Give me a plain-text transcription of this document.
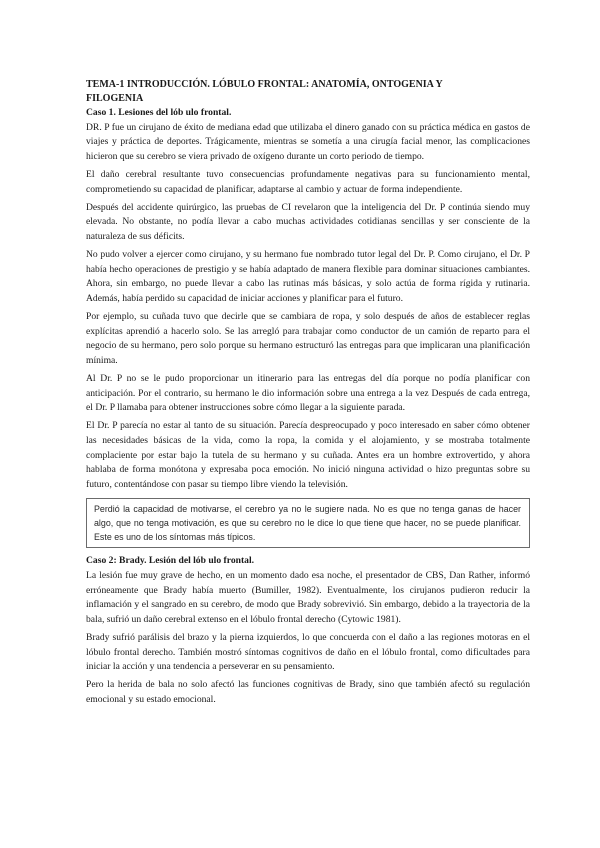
TEMA-1 INTRODUCCIÓN. LÓBULO FRONTAL: ANATOMÍA, ONTOGENIA Y
FILOGENIA

Caso 1. Lesiones del lób ulo frontal.

DR. P fue un cirujano de éxito de mediana edad que utilizaba el dinero ganado con su práctica médica en gastos de viajes y práctica de deportes. Trágicamente, mientras se sometía a una cirugía facial menor, las complicaciones hicieron que su cerebro se viera privado de oxígeno durante un corto periodo de tiempo.

El daño cerebral resultante tuvo consecuencias profundamente negativas para su funcionamiento mental, comprometiendo su capacidad de planificar, adaptarse al cambio y actuar de forma independiente.

Después del accidente quirúrgico, las pruebas de CI revelaron que la inteligencia del Dr. P continúa siendo muy elevada. No obstante, no podía llevar a cabo muchas actividades cotidianas sencillas y ser consciente de la naturaleza de sus déficits.

No pudo volver a ejercer como cirujano, y su hermano fue nombrado tutor legal del Dr. P. Como cirujano, el Dr. P había hecho operaciones de prestigio y se había adaptado de manera flexible para dominar situaciones cambiantes. Ahora, sin embargo, no puede llevar a cabo las rutinas más básicas, y solo actúa de forma rígida y rutinaria. Además, había perdido su capacidad de iniciar acciones y planificar para el futuro.

Por ejemplo, su cuñada tuvo que decirle que se cambiara de ropa, y solo después de años de establecer reglas explícitas aprendió a hacerlo solo. Se las arregló para trabajar como conductor de un camión de reparto para el negocio de su hermano, pero solo porque su hermano estructuró las entregas para que implicaran una planificación mínima.

Al Dr. P no se le pudo proporcionar un itinerario para las entregas del día porque no podía planificar con anticipación. Por el contrario, su hermano le dio información sobre una entrega a la vez Después de cada entrega, el Dr. P llamaba para obtener instrucciones sobre cómo llegar a la siguiente parada.

El Dr. P parecía no estar al tanto de su situación. Parecía despreocupado y poco interesado en saber cómo obtener las necesidades básicas de la vida, como la ropa, la comida y el alojamiento, y se mostraba totalmente complaciente por estar bajo la tutela de su hermano y su cuñada. Antes era un hombre extrovertido, y ahora hablaba de forma monótona y expresaba poca emoción. No inició ninguna actividad o hizo preguntas sobre su futuro, contentándose con pasar su tiempo libre viendo la televisión.

Perdió la capacidad de motivarse, el cerebro ya no le sugiere nada. No es que no tenga ganas de hacer algo, que no tenga motivación, es que su cerebro no le dice lo que tiene que hacer, no se puede planificar. Este es uno de los síntomas más típicos.

Caso 2: Brady. Lesión del lób ulo frontal.

La lesión fue muy grave de hecho, en un momento dado esa noche, el presentador de CBS, Dan Rather, informó erróneamente que Brady había muerto (Bumiller, 1982). Eventualmente, los cirujanos pudieron reducir la inflamación y el sangrado en su cerebro, de modo que Brady sobrevivió. Sin embargo, debido a la trayectoria de la bala, sufrió un daño cerebral extenso en el lóbulo frontal derecho (Cytowic 1981).

Brady sufrió parálisis del brazo y la pierna izquierdos, lo que concuerda con el daño a las regiones motoras en el lóbulo frontal derecho. También mostró síntomas cognitivos de daño en el lóbulo frontal, como dificultades para iniciar la acción y una tendencia a perseverar en su pensamiento.

Pero la herida de bala no solo afectó las funciones cognitivas de Brady, sino que también afectó su regulación emocional y su estado emocional.
